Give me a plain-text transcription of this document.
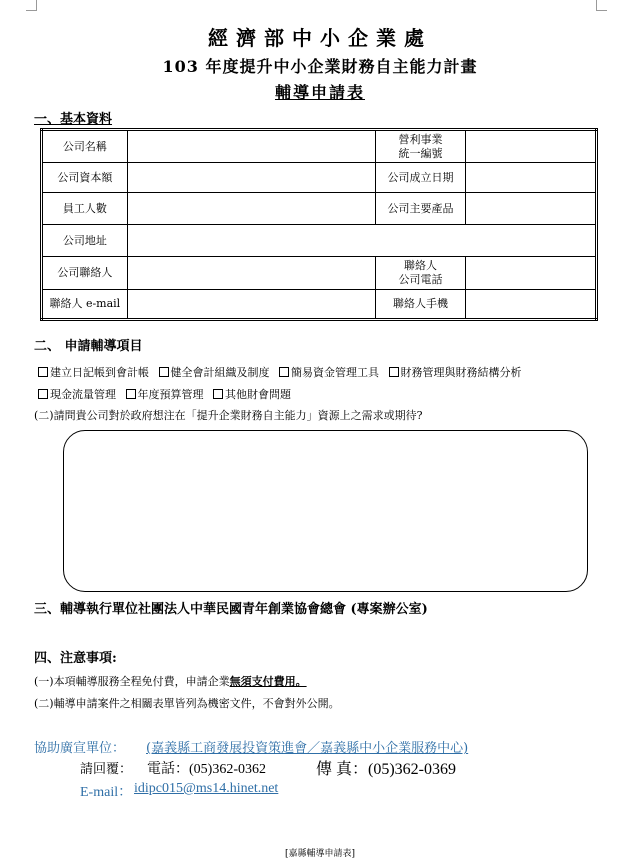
經濟部中小企業處
103 年度提升中小企業財務自主能力計畫
輔導申請表
一、基本資料
公司名稱		營利事業
統一編號	
公司資本額		公司成立日期	
員工人數		公司主要產品	
公司地址			
公司聯絡人		聯絡人
公司電話	
聯絡人 e-mail		聯絡人手機	
二、 申請輔導項目
建立日記帳到會計帳 健全會計組織及制度 簡易資金管理工具 財務管理與財務結構分析
現金流量管理 年度預算管理 其他財會問題
(二)請問貴公司對於政府想注在「提升企業財務自主能力」資源上之需求或期待?
三、輔導執行單位社團法人中華民國青年創業協會總會 (專案辦公室)
四、注意事項:
(一)本項輔導服務全程免付費，申請企業無須支付費用。
(二)輔導申請案件之相關表單皆列為機密文件，不會對外公開。
協助廣宣單位： (嘉義縣工商發展投資策進會／嘉義縣中小企業服務中心)
請回覆： 電話：(05)362-0362	傳 真：(05)362-0369
E-mail： idipc015@ms14.hinet.net
[嘉縣輔導申請表]
